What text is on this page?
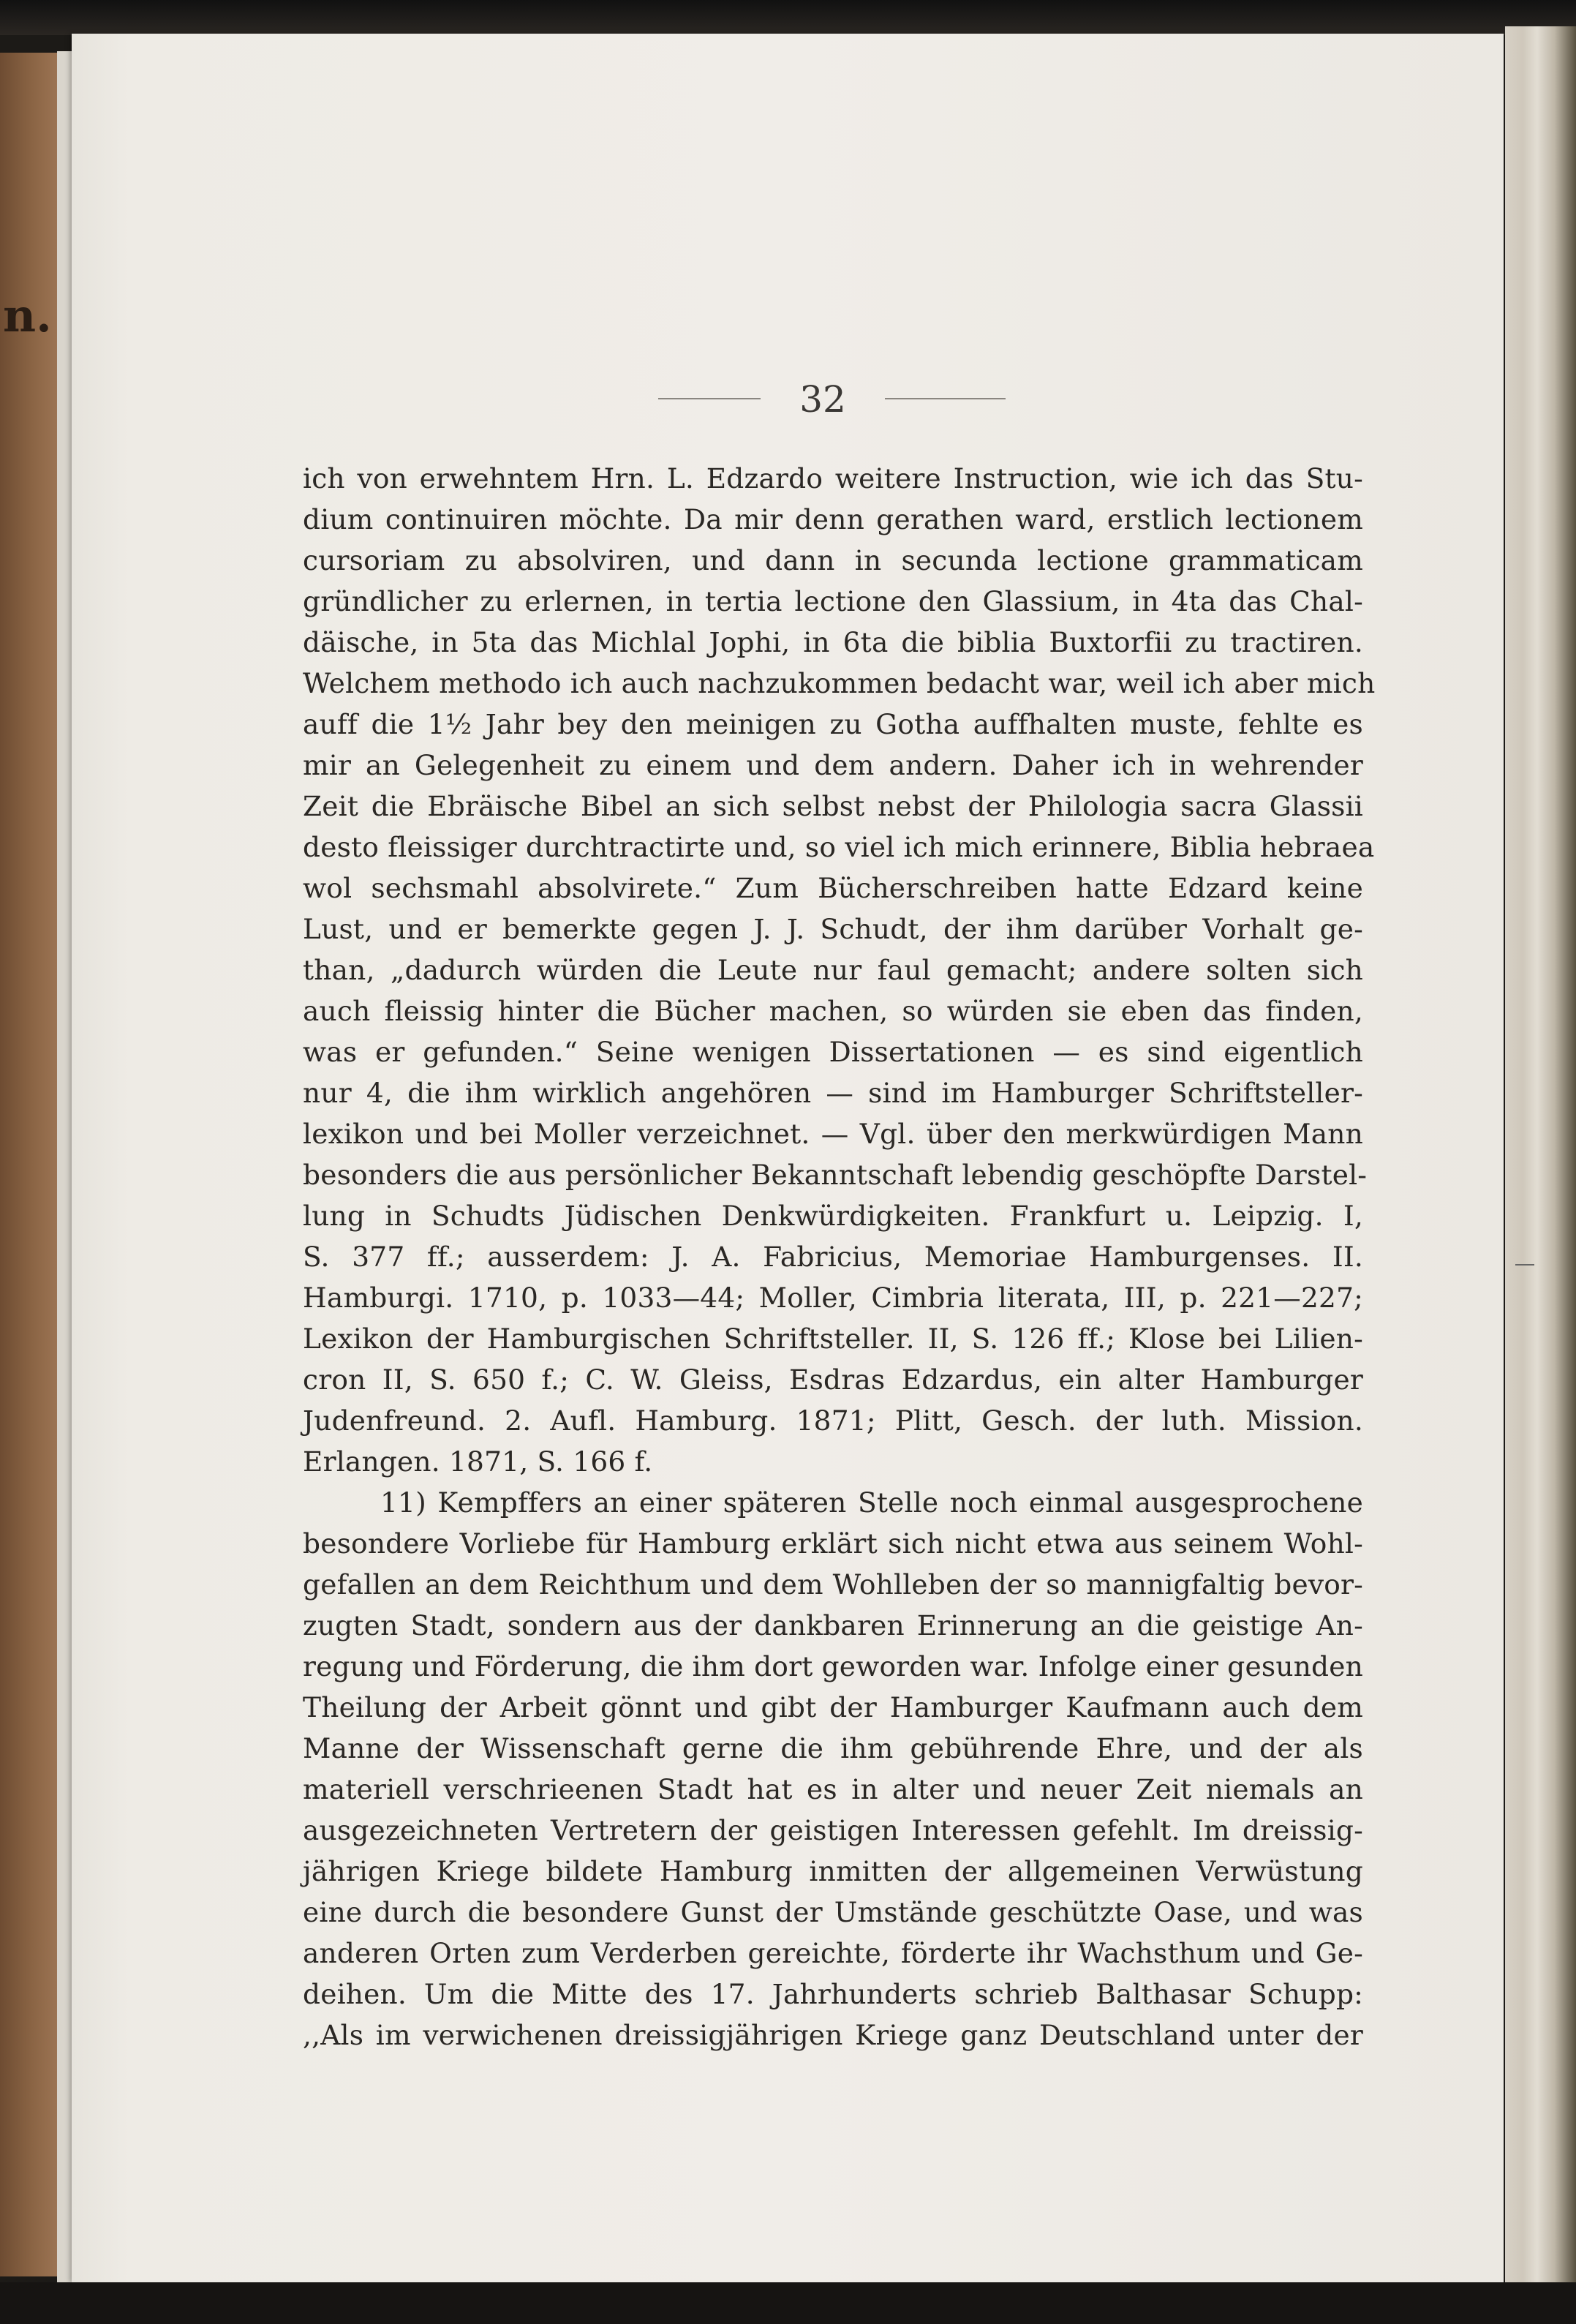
n.
32
ich von erwehntem Hrn. L. Edzardo weitere Instruction, wie ich das Stu-
dium continuiren möchte. Da mir denn gerathen ward, erstlich lectionem
cursoriam zu absolviren, und dann in secunda lectione grammaticam
gründlicher zu erlernen, in tertia lectione den Glassium, in 4ta das Chal-
däische, in 5ta das Michlal Jophi, in 6ta die biblia Buxtorfii zu tractiren.
Welchem methodo ich auch nachzukommen bedacht war, weil ich aber mich
auff die 1½ Jahr bey den meinigen zu Gotha auffhalten muste, fehlte es
mir an Gelegenheit zu einem und dem andern. Daher ich in wehrender
Zeit die Ebräische Bibel an sich selbst nebst der Philologia sacra Glassii
desto fleissiger durchtractirte und, so viel ich mich erinnere, Biblia hebraea
wol sechsmahl absolvirete.“ Zum Bücherschreiben hatte Edzard keine
Lust, und er bemerkte gegen J. J. Schudt, der ihm darüber Vorhalt ge-
than, „dadurch würden die Leute nur faul gemacht; andere solten sich
auch fleissig hinter die Bücher machen, so würden sie eben das finden,
was er gefunden.“ Seine wenigen Dissertationen — es sind eigentlich
nur 4, die ihm wirklich angehören — sind im Hamburger Schriftsteller-
lexikon und bei Moller verzeichnet. — Vgl. über den merkwürdigen Mann
besonders die aus persönlicher Bekanntschaft lebendig geschöpfte Darstel-
lung in Schudts Jüdischen Denkwürdigkeiten. Frankfurt u. Leipzig. I,
S. 377 ff.; ausserdem: J. A. Fabricius, Memoriae Hamburgenses. II.
Hamburgi. 1710, p. 1033—44; Moller, Cimbria literata, III, p. 221—227;
Lexikon der Hamburgischen Schriftsteller. II, S. 126 ff.; Klose bei Lilien-
cron II, S. 650 f.; C. W. Gleiss, Esdras Edzardus, ein alter Hamburger
Judenfreund. 2. Aufl. Hamburg. 1871; Plitt, Gesch. der luth. Mission.
Erlangen. 1871, S. 166 f.
11) Kempffers an einer späteren Stelle noch einmal ausgesprochene
besondere Vorliebe für Hamburg erklärt sich nicht etwa aus seinem Wohl-
gefallen an dem Reichthum und dem Wohlleben der so mannigfaltig bevor-
zugten Stadt, sondern aus der dankbaren Erinnerung an die geistige An-
regung und Förderung, die ihm dort geworden war. Infolge einer gesunden
Theilung der Arbeit gönnt und gibt der Hamburger Kaufmann auch dem
Manne der Wissenschaft gerne die ihm gebührende Ehre, und der als
materiell verschrieenen Stadt hat es in alter und neuer Zeit niemals an
ausgezeichneten Vertretern der geistigen Interessen gefehlt. Im dreissig-
jährigen Kriege bildete Hamburg inmitten der allgemeinen Verwüstung
eine durch die besondere Gunst der Umstände geschützte Oase, und was
anderen Orten zum Verderben gereichte, förderte ihr Wachsthum und Ge-
deihen. Um die Mitte des 17. Jahrhunderts schrieb Balthasar Schupp:
,,Als im verwichenen dreissigjährigen Kriege ganz Deutschland unter der
